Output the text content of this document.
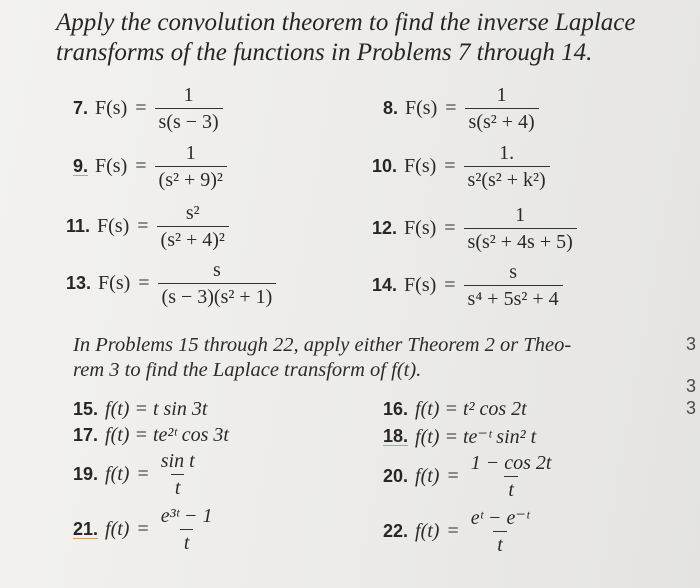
Apply the convolution theorem to find the inverse Laplace
transforms of the functions in Problems 7 through 14.
7. $F(s) = \frac{1}{s(s - 3)}$	8. $F(s) = \frac{1}{\text{s(s² + 4)}}$
9. $F(s) = \frac{1}{\text{(s² + 9)²}}$	10. $F(s) = \frac{1.}{\text{s²(s² + k²)}}$
11. $F(s) = \frac{\text{s²}}{\text{(s² + 4)²}}$	12. $F(s) = \frac{1}{\text{s(s² + 4s + 5)}}$
13. $F(s) = \frac{s}{\text{(s − 3)(s² + 1)}}$	14. $F(s) = \frac{s}{\text{s⁴ + 5s² + 4}}$
In Problems 15 through 22, apply either Theorem 2 or Theo-
rem 3 to find the Laplace transform of f(t).
15. f(t) = t sin 3t	16. f(t) = t² cos 2t
17. f(t) = te²ᵗ cos 3t	18. f(t) = te⁻ᵗ sin² t
19. $f(t) = \frac{\text{sin t}}{t}$	20. $f(t) = \frac{1 - \cos 2t}{t}$
21. $f(t) = \frac{\text{e³ᵗ − 1}}{t}$	22. $f(t) = \frac{\text{eᵗ − e⁻ᵗ}}{t}$
3
3
3
